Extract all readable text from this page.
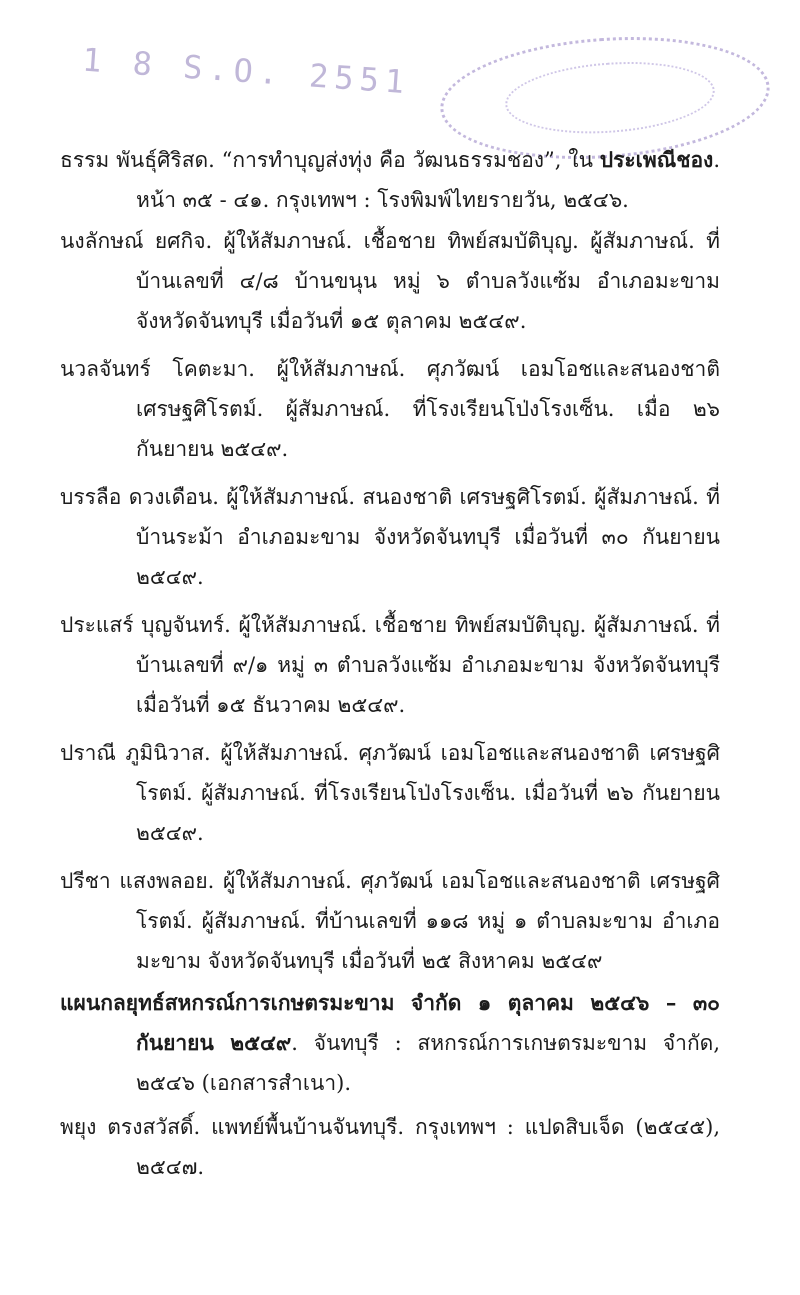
1 8 S.O. 2551

ธรรม พันธุ์ศิริสด. “การทำบุญส่งทุ่ง คือ วัฒนธรรมชอง”, ใน ประเพณีชอง. หน้า ๓๕ - ๔๑. กรุงเทพฯ : โรงพิมพ์ไทยรายวัน, ๒๕๔๖.

นงลักษณ์ ยศกิจ. ผู้ให้สัมภาษณ์. เชื้อชาย ทิพย์สมบัติบุญ. ผู้สัมภาษณ์. ที่บ้านเลขที่ ๔/๘ บ้านขนุน หมู่ ๖ ตำบลวังแซ้ม อำเภอมะขาม จังหวัดจันทบุรี เมื่อวันที่ ๑๕ ตุลาคม ๒๕๔๙.

นวลจันทร์ โคตะมา. ผู้ให้สัมภาษณ์. ศุภวัฒน์ เอมโอชและสนองชาติ เศรษฐศิโรตม์. ผู้สัมภาษณ์. ที่โรงเรียนโป่งโรงเซ็น. เมื่อ ๒๖ กันยายน ๒๕๔๙.

บรรลือ ดวงเดือน. ผู้ให้สัมภาษณ์. สนองชาติ เศรษฐศิโรตม์. ผู้สัมภาษณ์. ที่บ้านระม้า อำเภอมะขาม จังหวัดจันทบุรี เมื่อวันที่ ๓๐ กันยายน ๒๕๔๙.

ประแสร์ บุญจันทร์. ผู้ให้สัมภาษณ์. เชื้อชาย ทิพย์สมบัติบุญ. ผู้สัมภาษณ์. ที่บ้านเลขที่ ๙/๑ หมู่ ๓ ตำบลวังแซ้ม อำเภอมะขาม จังหวัดจันทบุรี เมื่อวันที่ ๑๕ ธันวาคม ๒๕๔๙.

ปราณี ภูมินิวาส. ผู้ให้สัมภาษณ์. ศุภวัฒน์ เอมโอชและสนองชาติ เศรษฐศิโรตม์. ผู้สัมภาษณ์. ที่โรงเรียนโป่งโรงเซ็น. เมื่อวันที่ ๒๖ กันยายน ๒๕๔๙.

ปรีชา แสงพลอย. ผู้ให้สัมภาษณ์. ศุภวัฒน์ เอมโอชและสนองชาติ เศรษฐศิโรตม์. ผู้สัมภาษณ์. ที่บ้านเลขที่ ๑๑๘ หมู่ ๑ ตำบลมะขาม อำเภอมะขาม จังหวัดจันทบุรี เมื่อวันที่ ๒๕ สิงหาคม ๒๕๔๙

แผนกลยุทธ์สหกรณ์การเกษตรมะขาม จำกัด ๑ ตุลาคม ๒๕๔๖ – ๓๐ กันยายน ๒๕๔๙. จันทบุรี : สหกรณ์การเกษตรมะขาม จำกัด, ๒๕๔๖ (เอกสารสำเนา).

พยุง ตรงสวัสดิ์. แพทย์พื้นบ้านจันทบุรี. กรุงเทพฯ : แปดสิบเจ็ด (๒๕๔๕), ๒๕๔๗.
